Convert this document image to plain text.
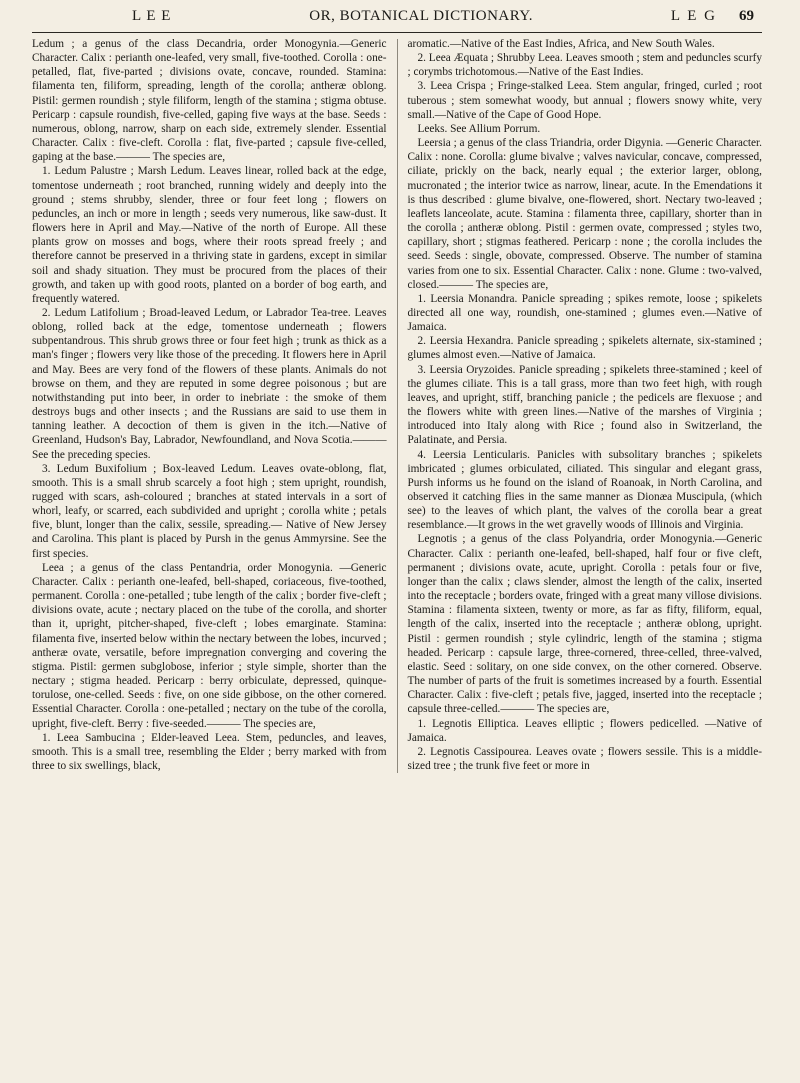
L E E	OR, BOTANICAL DICTIONARY.	L E G 69

Ledum ; a genus of the class Decandria, order Monogynia.—Generic Character. Calix : perianth one-leafed, very small, five-toothed. Corolla : one-petalled, flat, five-parted ; divisions ovate, concave, rounded. Stamina: filamenta ten, filiform, spreading, length of the corolla; antheræ oblong. Pistil: germen roundish ; style filiform, length of the stamina ; stigma obtuse. Pericarp : capsule roundish, five-celled, gaping five ways at the base. Seeds : numerous, oblong, narrow, sharp on each side, extremely slender. Essential Character. Calix : five-cleft. Corolla : flat, five-parted ; capsule five-celled, gaping at the base.——— The species are,

1. Ledum Palustre ; Marsh Ledum. Leaves linear, rolled back at the edge, tomentose underneath ; root branched, running widely and deeply into the ground ; stems shrubby, slender, three or four feet long ; flowers on peduncles, an inch or more in length ; seeds very numerous, like saw-dust. It flowers here in April and May.—Native of the north of Europe. All these plants grow on mosses and bogs, where their roots spread freely ; and therefore cannot be preserved in a thriving state in gardens, except in similar soil and shady situation. They must be procured from the places of their growth, and taken up with good roots, planted on a border of bog earth, and frequently watered.

2. Ledum Latifolium ; Broad-leaved Ledum, or Labrador Tea-tree. Leaves oblong, rolled back at the edge, tomentose underneath ; flowers subpentandrous. This shrub grows three or four feet high ; trunk as thick as a man's finger ; flowers very like those of the preceding. It flowers here in April and May. Bees are very fond of the flowers of these plants. Animals do not browse on them, and they are reputed in some degree poisonous ; but are notwithstanding put into beer, in order to inebriate : the smoke of them destroys bugs and other insects ; and the Russians are said to use them in tanning leather. A decoction of them is given in the itch.—Native of Greenland, Hudson's Bay, Labrador, Newfoundland, and Nova Scotia.———See the preceding species.

3. Ledum Buxifolium ; Box-leaved Ledum. Leaves ovate-oblong, flat, smooth. This is a small shrub scarcely a foot high ; stem upright, roundish, rugged with scars, ash-coloured ; branches at stated intervals in a sort of whorl, leafy, or scarred, each subdivided and upright ; corolla white ; petals five, blunt, longer than the calix, sessile, spreading.— Native of New Jersey and Carolina. This plant is placed by Pursh in the genus Ammyrsine. See the first species.

Leea ; a genus of the class Pentandria, order Monogynia. —Generic Character. Calix : perianth one-leafed, bell-shaped, coriaceous, five-toothed, permanent. Corolla : one-petalled ; tube length of the calix ; border five-cleft ; divisions ovate, acute ; nectary placed on the tube of the corolla, and shorter than it, upright, pitcher-shaped, five-cleft ; lobes emarginate. Stamina: filamenta five, inserted below within the nectary between the lobes, incurved ; antheræ ovate, versatile, before impregnation converging and covering the stigma. Pistil: germen subglobose, inferior ; style simple, shorter than the nectary ; stigma headed. Pericarp : berry orbiculate, depressed, quinque-torulose, one-celled. Seeds : five, on one side gibbose, on the other cornered. Essential Character. Corolla : one-petalled ; nectary on the tube of the corolla, upright, five-cleft. Berry : five-seeded.——— The species are,

1. Leea Sambucina ; Elder-leaved Leea. Stem, peduncles, and leaves, smooth. This is a small tree, resembling the Elder ; berry marked with from three to six swellings, black,

aromatic.—Native of the East Indies, Africa, and New South Wales.

2. Leea Æquata ; Shrubby Leea. Leaves smooth ; stem and peduncles scurfy ; corymbs trichotomous.—Native of the East Indies.

3. Leea Crispa ; Fringe-stalked Leea. Stem angular, fringed, curled ; root tuberous ; stem somewhat woody, but annual ; flowers snowy white, very small.—Native of the Cape of Good Hope.

Leeks. See Allium Porrum.

Leersia ; a genus of the class Triandria, order Digynia. —Generic Character. Calix : none. Corolla: glume bivalve ; valves navicular, concave, compressed, ciliate, prickly on the back, nearly equal ; the exterior larger, oblong, mucronated ; the interior twice as narrow, linear, acute. In the Emendations it is thus described : glume bivalve, one-flowered, short. Nectary two-leaved ; leaflets lanceolate, acute. Stamina : filamenta three, capillary, shorter than in the corolla ; antheræ oblong. Pistil : germen ovate, compressed ; styles two, capillary, short ; stigmas feathered. Pericarp : none ; the corolla includes the seed. Seeds : single, obovate, compressed. Observe. The number of stamina varies from one to six. Essential Character. Calix : none. Glume : two-valved, closed.——— The species are,

1. Leersia Monandra. Panicle spreading ; spikes remote, loose ; spikelets directed all one way, roundish, one-stamined ; glumes even.—Native of Jamaica.

2. Leersia Hexandra. Panicle spreading ; spikelets alternate, six-stamined ; glumes almost even.—Native of Jamaica.

3. Leersia Oryzoides. Panicle spreading ; spikelets three-stamined ; keel of the glumes ciliate. This is a tall grass, more than two feet high, with rough leaves, and upright, stiff, branching panicle ; the pedicels are flexuose ; and the flowers white with green lines.—Native of the marshes of Virginia ; introduced into Italy along with Rice ; found also in Switzerland, the Palatinate, and Persia.

4. Leersia Lenticularis. Panicles with subsolitary branches ; spikelets imbricated ; glumes orbiculated, ciliated. This singular and elegant grass, Pursh informs us he found on the island of Roanoak, in North Carolina, and observed it catching flies in the same manner as Dionæa Muscipula, (which see) to the leaves of which plant, the valves of the corolla bear a great resemblance.—It grows in the wet gravelly woods of Illinois and Virginia.

Legnotis ; a genus of the class Polyandria, order Monogynia.—Generic Character. Calix : perianth one-leafed, bell-shaped, half four or five cleft, permanent ; divisions ovate, acute, upright. Corolla : petals four or five, longer than the calix ; claws slender, almost the length of the calix, inserted into the receptacle ; borders ovate, fringed with a great many villose divisions. Stamina : filamenta sixteen, twenty or more, as far as fifty, filiform, equal, length of the calix, inserted into the receptacle ; antheræ oblong, upright. Pistil : germen roundish ; style cylindric, length of the stamina ; stigma headed. Pericarp : capsule large, three-cornered, three-celled, three-valved, elastic. Seed : solitary, on one side convex, on the other cornered. Observe. The number of parts of the fruit is sometimes increased by a fourth. Essential Character. Calix : five-cleft ; petals five, jagged, inserted into the receptacle ; capsule three-celled.——— The species are,

1. Legnotis Elliptica. Leaves elliptic ; flowers pedicelled. —Native of Jamaica.

2. Legnotis Cassipourea. Leaves ovate ; flowers sessile. This is a middle-sized tree ; the trunk five feet or more in
